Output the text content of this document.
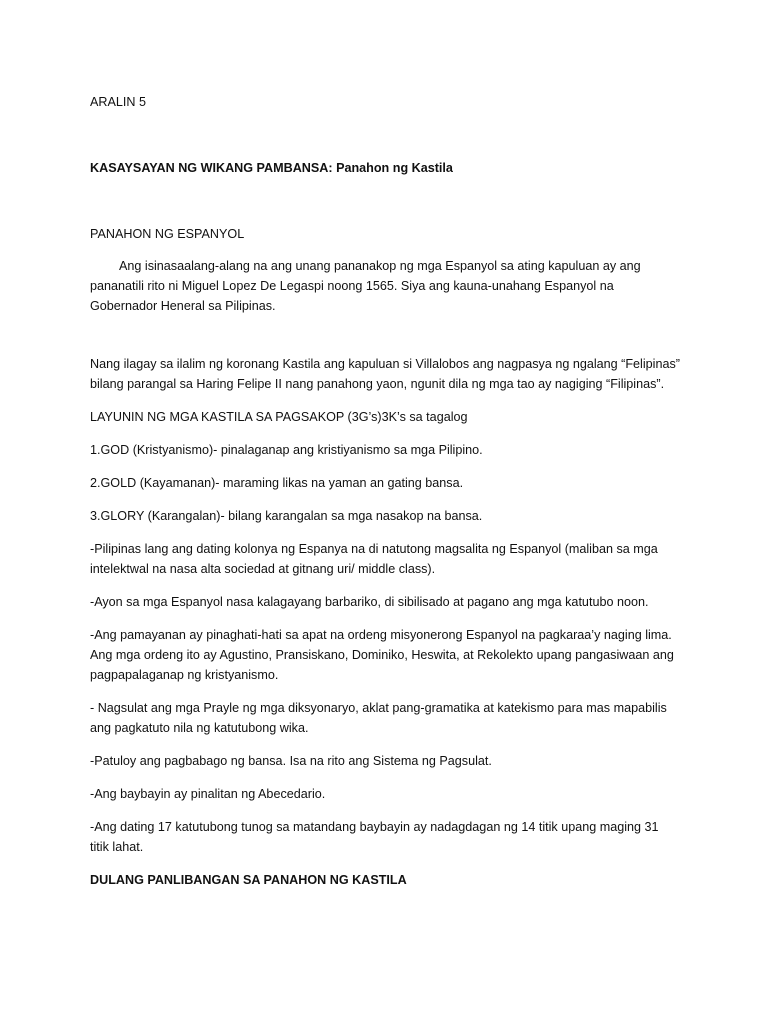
ARALIN 5

KASAYSAYAN NG WIKANG PAMBANSA: Panahon ng Kastila

PANAHON NG ESPANYOL

Ang isinasaalang-alang na ang unang pananakop ng mga Espanyol sa ating kapuluan ay ang pananatili rito ni Miguel Lopez De Legaspi noong 1565. Siya ang kauna-unahang Espanyol na Gobernador Heneral sa Pilipinas.

Nang ilagay sa ilalim ng koronang Kastila ang kapuluan si Villalobos ang nagpasya ng ngalang “Felipinas” bilang parangal sa Haring Felipe II nang panahong yaon, ngunit dila ng mga tao ay nagiging “Filipinas”.

LAYUNIN NG MGA KASTILA SA PAGSAKOP (3G’s)3K’s sa tagalog

1.GOD (Kristyanismo)- pinalaganap ang kristiyanismo sa mga Pilipino.

2.GOLD (Kayamanan)- maraming likas na yaman an gating bansa.

3.GLORY (Karangalan)- bilang karangalan sa mga nasakop na bansa.

-Pilipinas lang ang dating kolonya ng Espanya na di natutong magsalita ng Espanyol (maliban sa mga intelektwal na nasa alta sociedad at gitnang uri/ middle class).

-Ayon sa mga Espanyol nasa kalagayang barbariko, di sibilisado at pagano ang mga katutubo noon.

-Ang pamayanan ay pinaghati-hati sa apat na ordeng misyonerong Espanyol na pagkaraa’y naging lima. Ang mga ordeng ito ay Agustino, Pransiskano, Dominiko, Heswita, at Rekolekto upang pangasiwaan ang pagpapalaganap ng kristyanismo.

- Nagsulat ang mga Prayle ng mga diksyonaryo, aklat pang-gramatika at katekismo para mas mapabilis ang pagkatuto nila ng katutubong wika.

-Patuloy ang pagbabago ng bansa. Isa na rito ang Sistema ng Pagsulat.

-Ang baybayin ay pinalitan ng Abecedario.

-Ang dating 17 katutubong tunog sa matandang baybayin ay nadagdagan ng 14 titik upang maging 31 titik lahat.

DULANG PANLIBANGAN SA PANAHON NG KASTILA
